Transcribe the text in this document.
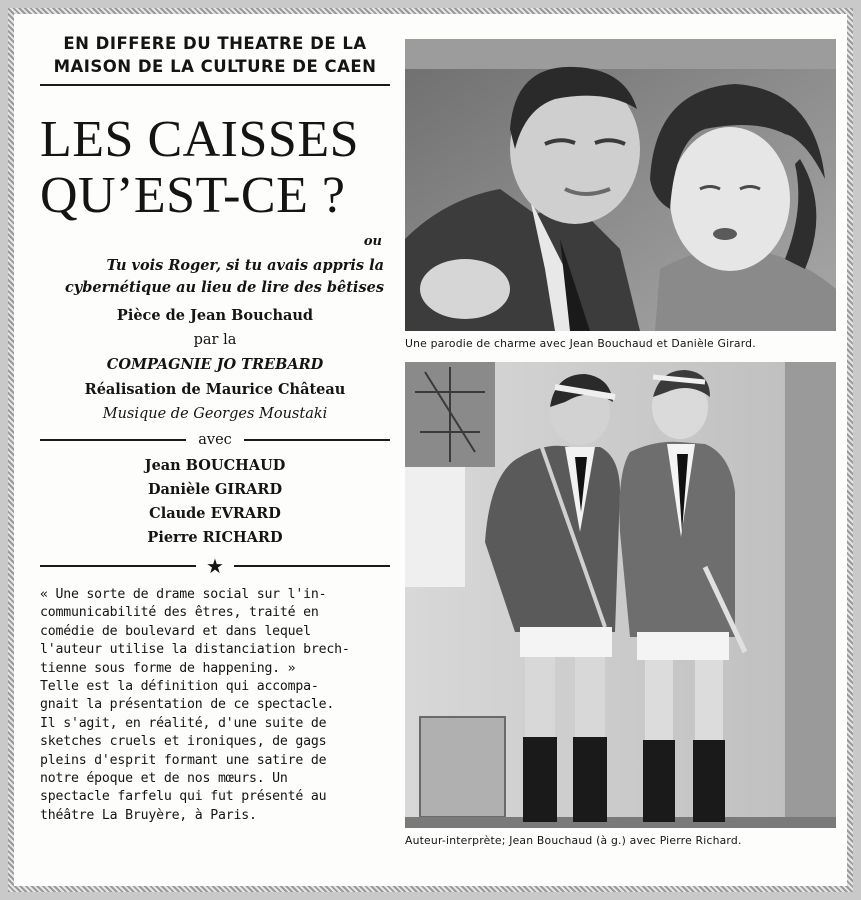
EN DIFFERE DU THEATRE DE LA
MAISON DE LA CULTURE DE CAEN
LES CAISSES
QU’EST-CE ?
ou
Tu vois Roger, si tu avais appris la
cybernétique au lieu de lire des bêtises
Pièce de Jean Bouchaud
par la
COMPAGNIE JO TREBARD
Réalisation de Maurice Château
Musique de Georges Moustaki
avec
Jean BOUCHAUD
Danièle GIRARD
Claude EVRARD
Pierre RICHARD
★
« Une sorte de drame social sur l'in-
communicabilité des êtres, traité en
comédie de boulevard et dans lequel
l'auteur utilise la distanciation brech-
tienne sous forme de happening. »
Telle est la définition qui accompa-
gnait la présentation de ce spectacle.
Il s'agit, en réalité, d'une suite de
sketches cruels et ironiques, de gags
pleins d'esprit formant une satire de
notre époque et de nos mœurs. Un
spectacle farfelu qui fut présenté au
théâtre La Bruyère, à Paris.
Une parodie de charme avec Jean Bouchaud et Danièle Girard.
Auteur-interprète; Jean Bouchaud (à g.) avec Pierre Richard.
